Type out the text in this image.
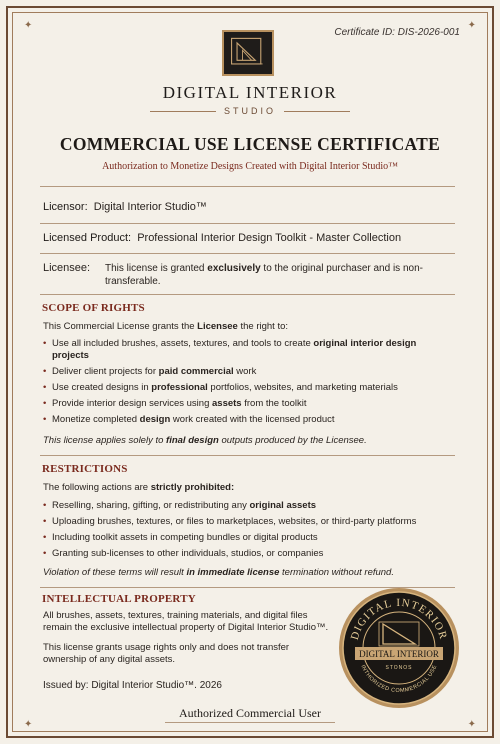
✦	✦
✦	✦
Certificate ID: DIS-2026-001
DIGITAL INTERIOR
STUDIO
COMMERCIAL USE LICENSE CERTIFICATE
Authorization to Monetize Designs Created with Digital Interior Studio™
Licensor: Digital Interior Studio™
Licensed Product: Professional Interior Design Toolkit - Master Collection
Licensee:	This license is granted exclusively to the original purchaser and is non-transferable.
SCOPE OF RIGHTS
This Commercial License grants the Licensee the right to:
• Use all included brushes, assets, textures, and tools to create original interior design projects
• Deliver client projects for paid commercial work
• Use created designs in professional portfolios, websites, and marketing materials
• Provide interior design services using assets from the toolkit
• Monetize completed design work created with the licensed product
This license applies solely to final design outputs produced by the Licensee.
RESTRICTIONS
The following actions are strictly prohibited:
• Reselling, sharing, gifting, or redistributing any original assets
• Uploading brushes, textures, or files to marketplaces, websites, or third-party platforms
• Including toolkit assets in competing bundles or digital products
• Granting sub-licenses to other individuals, studios, or companies
Violation of these terms will result in immediate license termination without refund.
INTELLECTUAL PROPERTY
All brushes, assets, textures, training materials, and digital files remain the exclusive intellectual property of Digital Interior Studio™.
This license grants usage rights only and does not transfer ownership of any digital assets.
Issued by: Digital Interior Studio™. 2026
DIGITAL INTERIOR
INTHORIZED COMMERCIAL USE
DIGITAL INTERIOR
STONOS
Authorized Commercial User
